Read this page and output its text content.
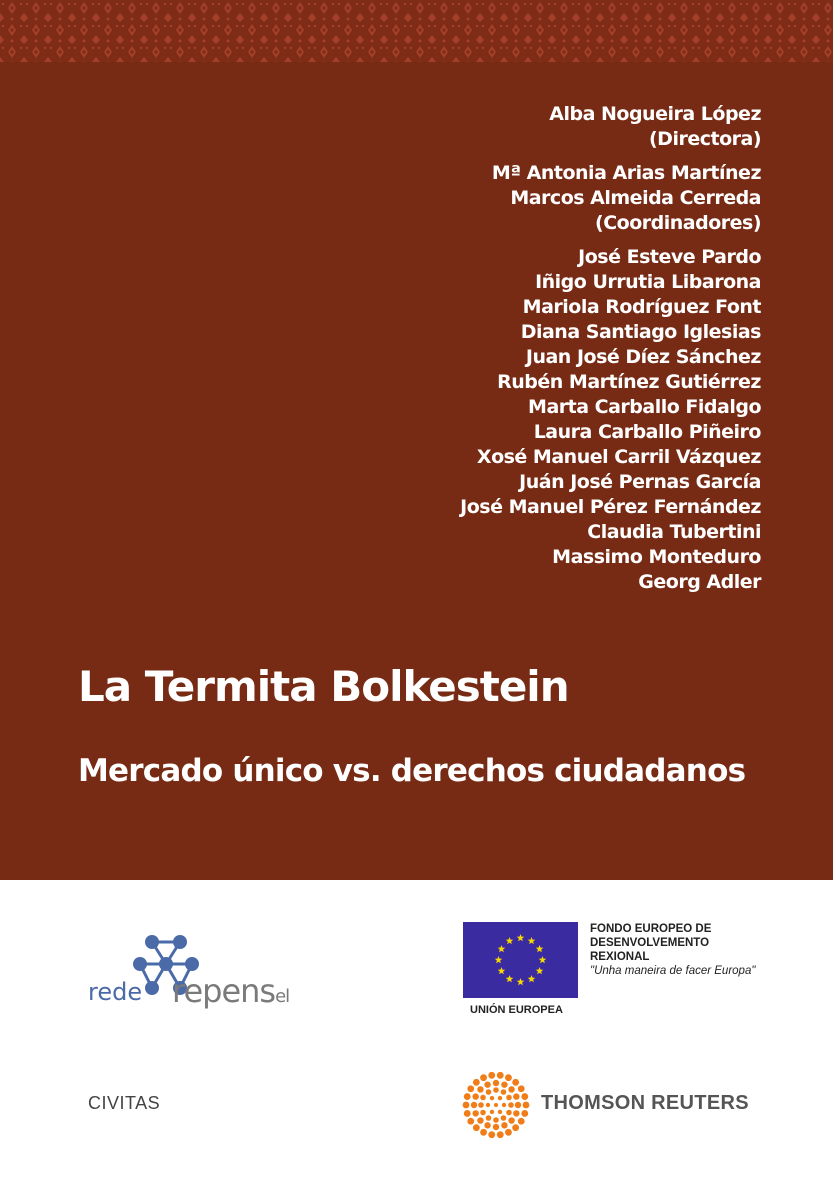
Alba Nogueira López
(Directora)
Mª Antonia Arias Martínez
Marcos Almeida Cerreda
(Coordinadores)
José Esteve Pardo
Iñigo Urrutia Libarona
Mariola Rodríguez Font
Diana Santiago Iglesias
Juan José Díez Sánchez
Rubén Martínez Gutiérrez
Marta Carballo Fidalgo
Laura Carballo Piñeiro
Xosé Manuel Carril Vázquez
Juán José Pernas García
José Manuel Pérez Fernández
Claudia Tubertini
Massimo Monteduro
Georg Adler
La Termita Bolkestein
Mercado único vs. derechos ciudadanos
rede repensel
UNIÓN EUROPEA
FONDO EUROPEO DE
DESENVOLVEMENTO
REXIONAL
"Unha maneira de facer Europa"
CIVITAS	THOMSON REUTERS
